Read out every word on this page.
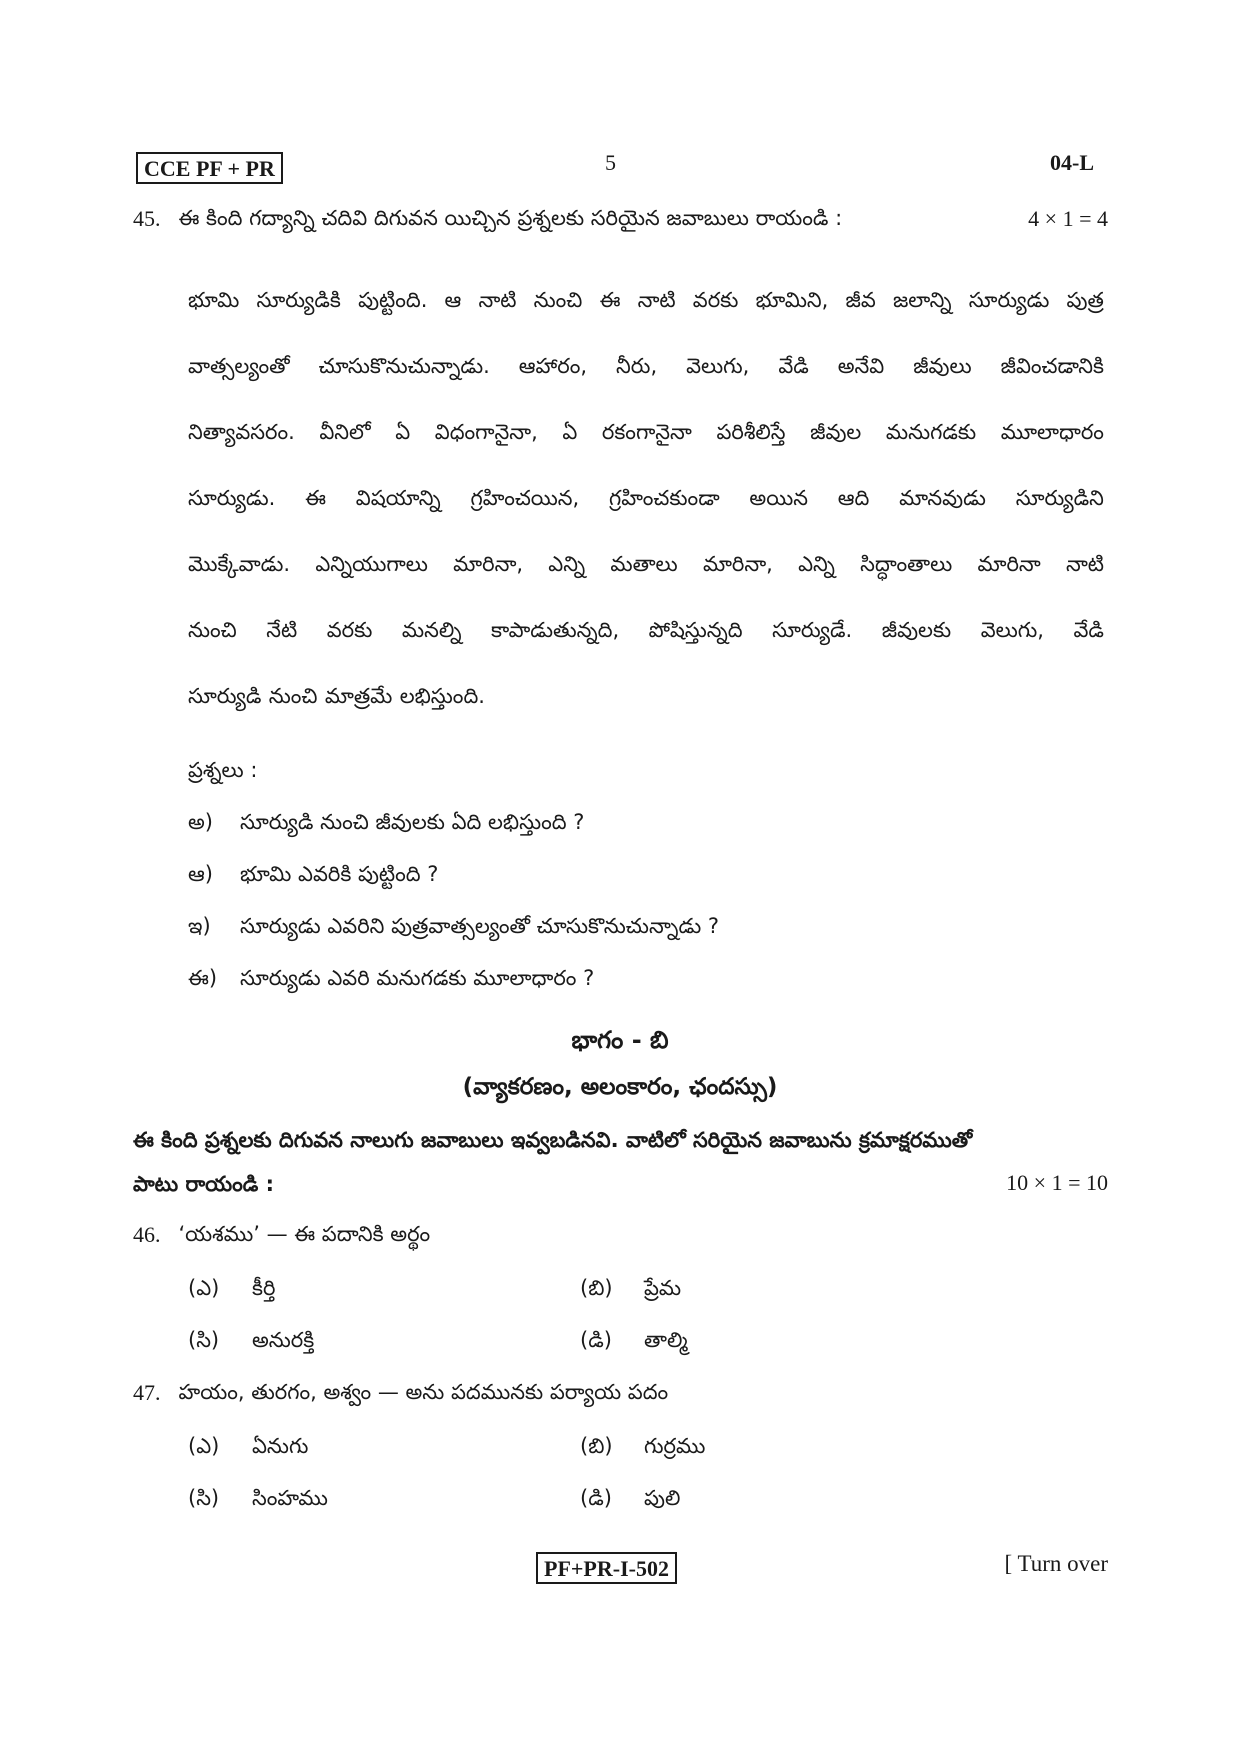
CCE PF + PR	5	04-L
45. ఈ కింది గద్యాన్ని చదివి దిగువన యిచ్చిన ప్రశ్నలకు సరియైన జవాబులు రాయండి :	4 × 1 = 4
భూమి సూర్యుడికి పుట్టింది. ఆ నాటి నుంచి ఈ నాటి వరకు భూమిని, జీవ జలాన్ని సూర్యుడు పుత్ర
వాత్సల్యంతో చూసుకొనుచున్నాడు. ఆహారం, నీరు, వెలుగు, వేడి అనేవి జీవులు జీవించడానికి
నిత్యావసరం. వీనిలో ఏ విధంగానైనా, ఏ రకంగానైనా పరిశీలిస్తే జీవుల మనుగడకు మూలాధారం
సూర్యుడు. ఈ విషయాన్ని గ్రహించయిన, గ్రహించకుండా అయిన ఆది మానవుడు సూర్యుడిని
మొక్కేవాడు. ఎన్నియుగాలు మారినా, ఎన్ని మతాలు మారినా, ఎన్ని సిద్ధాంతాలు మారినా నాటి
నుంచి నేటి వరకు మనల్ని కాపాడుతున్నది, పోషిస్తున్నది సూర్యుడే. జీవులకు వెలుగు, వేడి
సూర్యుడి నుంచి మాత్రమే లభిస్తుంది.
ప్రశ్నలు :
అ)	సూర్యుడి నుంచి జీవులకు ఏది లభిస్తుంది ?
ఆ)	భూమి ఎవరికి పుట్టింది ?
ఇ)	సూర్యుడు ఎవరిని పుత్రవాత్సల్యంతో చూసుకొనుచున్నాడు ?
ఈ)	సూర్యుడు ఎవరి మనుగడకు మూలాధారం ?
భాగం - బి
(వ్యాకరణం, అలంకారం, ఛందస్సు)
ఈ కింది ప్రశ్నలకు దిగువన నాలుగు జవాబులు ఇవ్వబడినవి. వాటిలో సరియైన జవాబును క్రమాక్షరముతో
పాటు రాయండి :	10 × 1 = 10
46. ‘యశము’ — ఈ పదానికి అర్థం
(ఎ)	కీర్తి	(బి)	ప్రేమ
(సి)	అనురక్తి	(డి)	తాల్మి
47. హయం, తురగం, అశ్వం — అను పదమునకు పర్యాయ పదం
(ఎ)	ఏనుగు	(బి)	గుర్రము
(సి)	సింహము	(డి)	పులి
PF+PR-I-502	[ Turn over
